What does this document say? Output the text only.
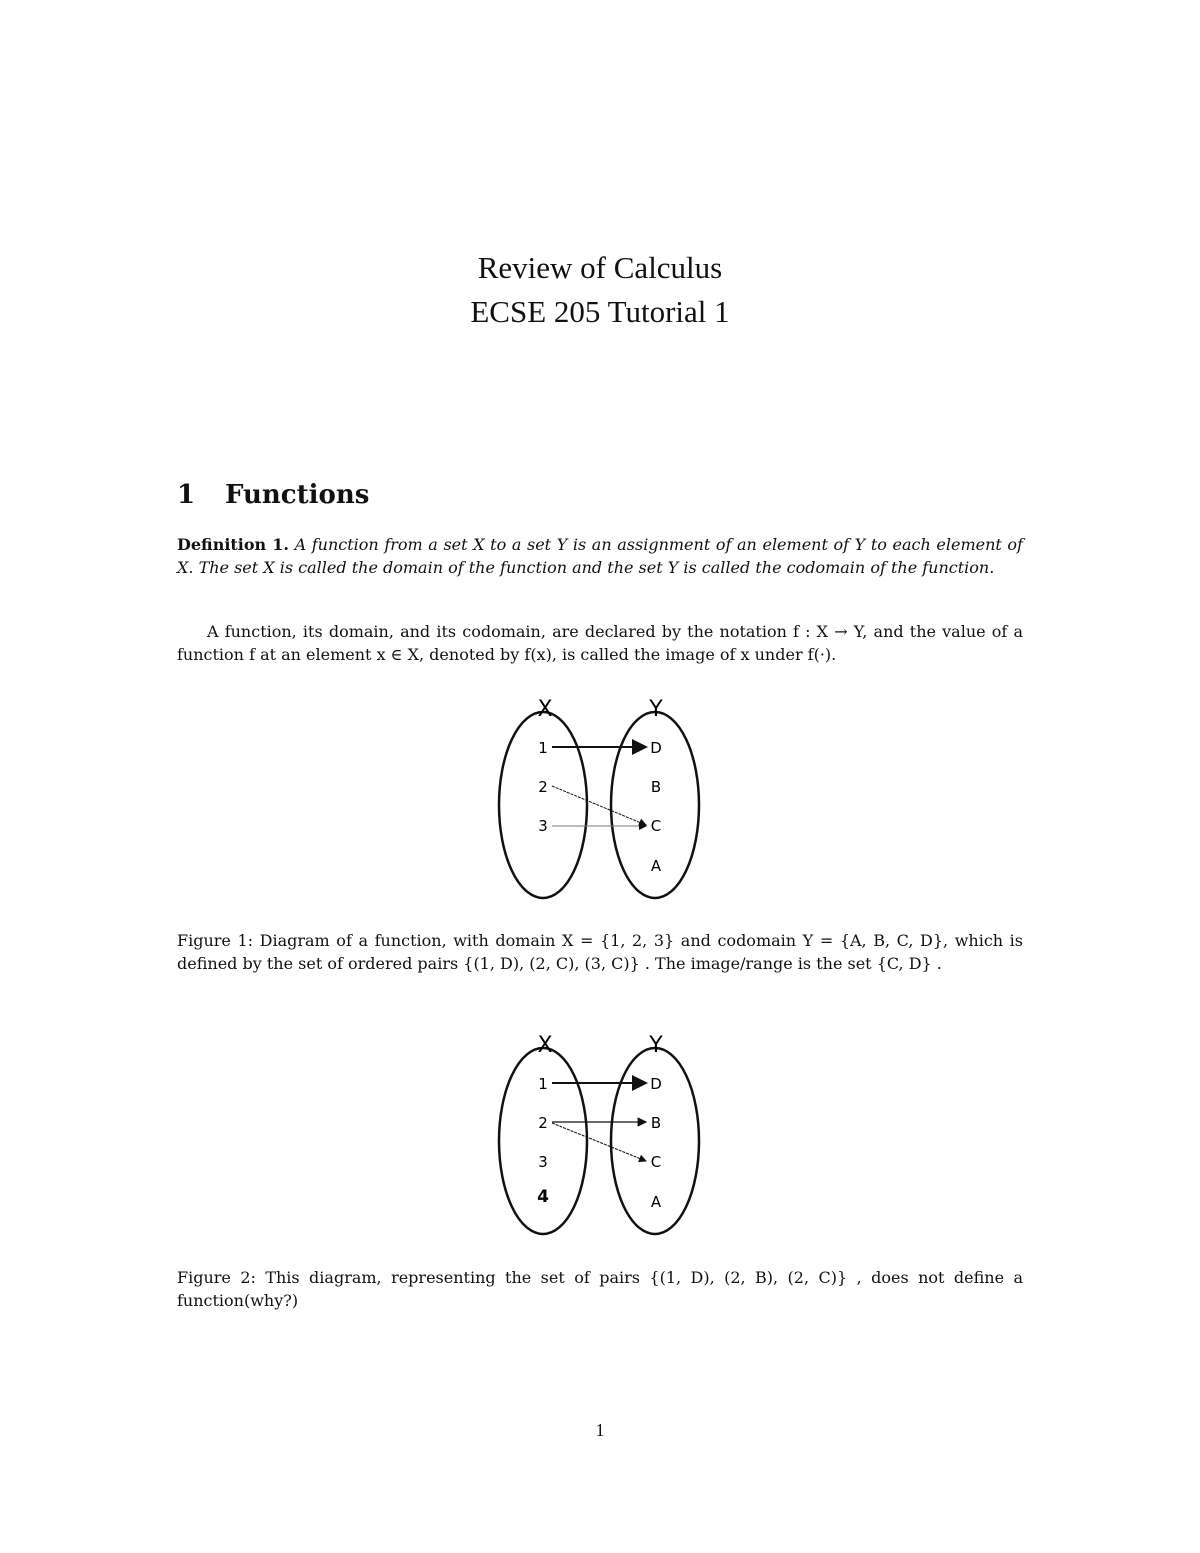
Review of Calculus
ECSE 205 Tutorial 1
1 Functions
Definition 1. A function from a set X to a set Y is an assignment of an element of Y to each element of X. The set X is called the domain of the function and the set Y is called the codomain of the function.
A function, its domain, and its codomain, are declared by the notation f : X → Y, and the value of a function f at an element x ∈ X, denoted by f(x), is called the image of x under f(·).
X	Y
1
2
3
D
B
C
A
Figure 1: Diagram of a function, with domain X = {1, 2, 3} and codomain Y = {A, B, C, D}, which is defined by the set of ordered pairs {(1, D), (2, C), (3, C)} . The image/range is the set {C, D} .
X	Y
1
2
3
4
D
B
C
A
Figure 2: This diagram, representing the set of pairs {(1, D), (2, B), (2, C)} , does not define a function(why?)
1
